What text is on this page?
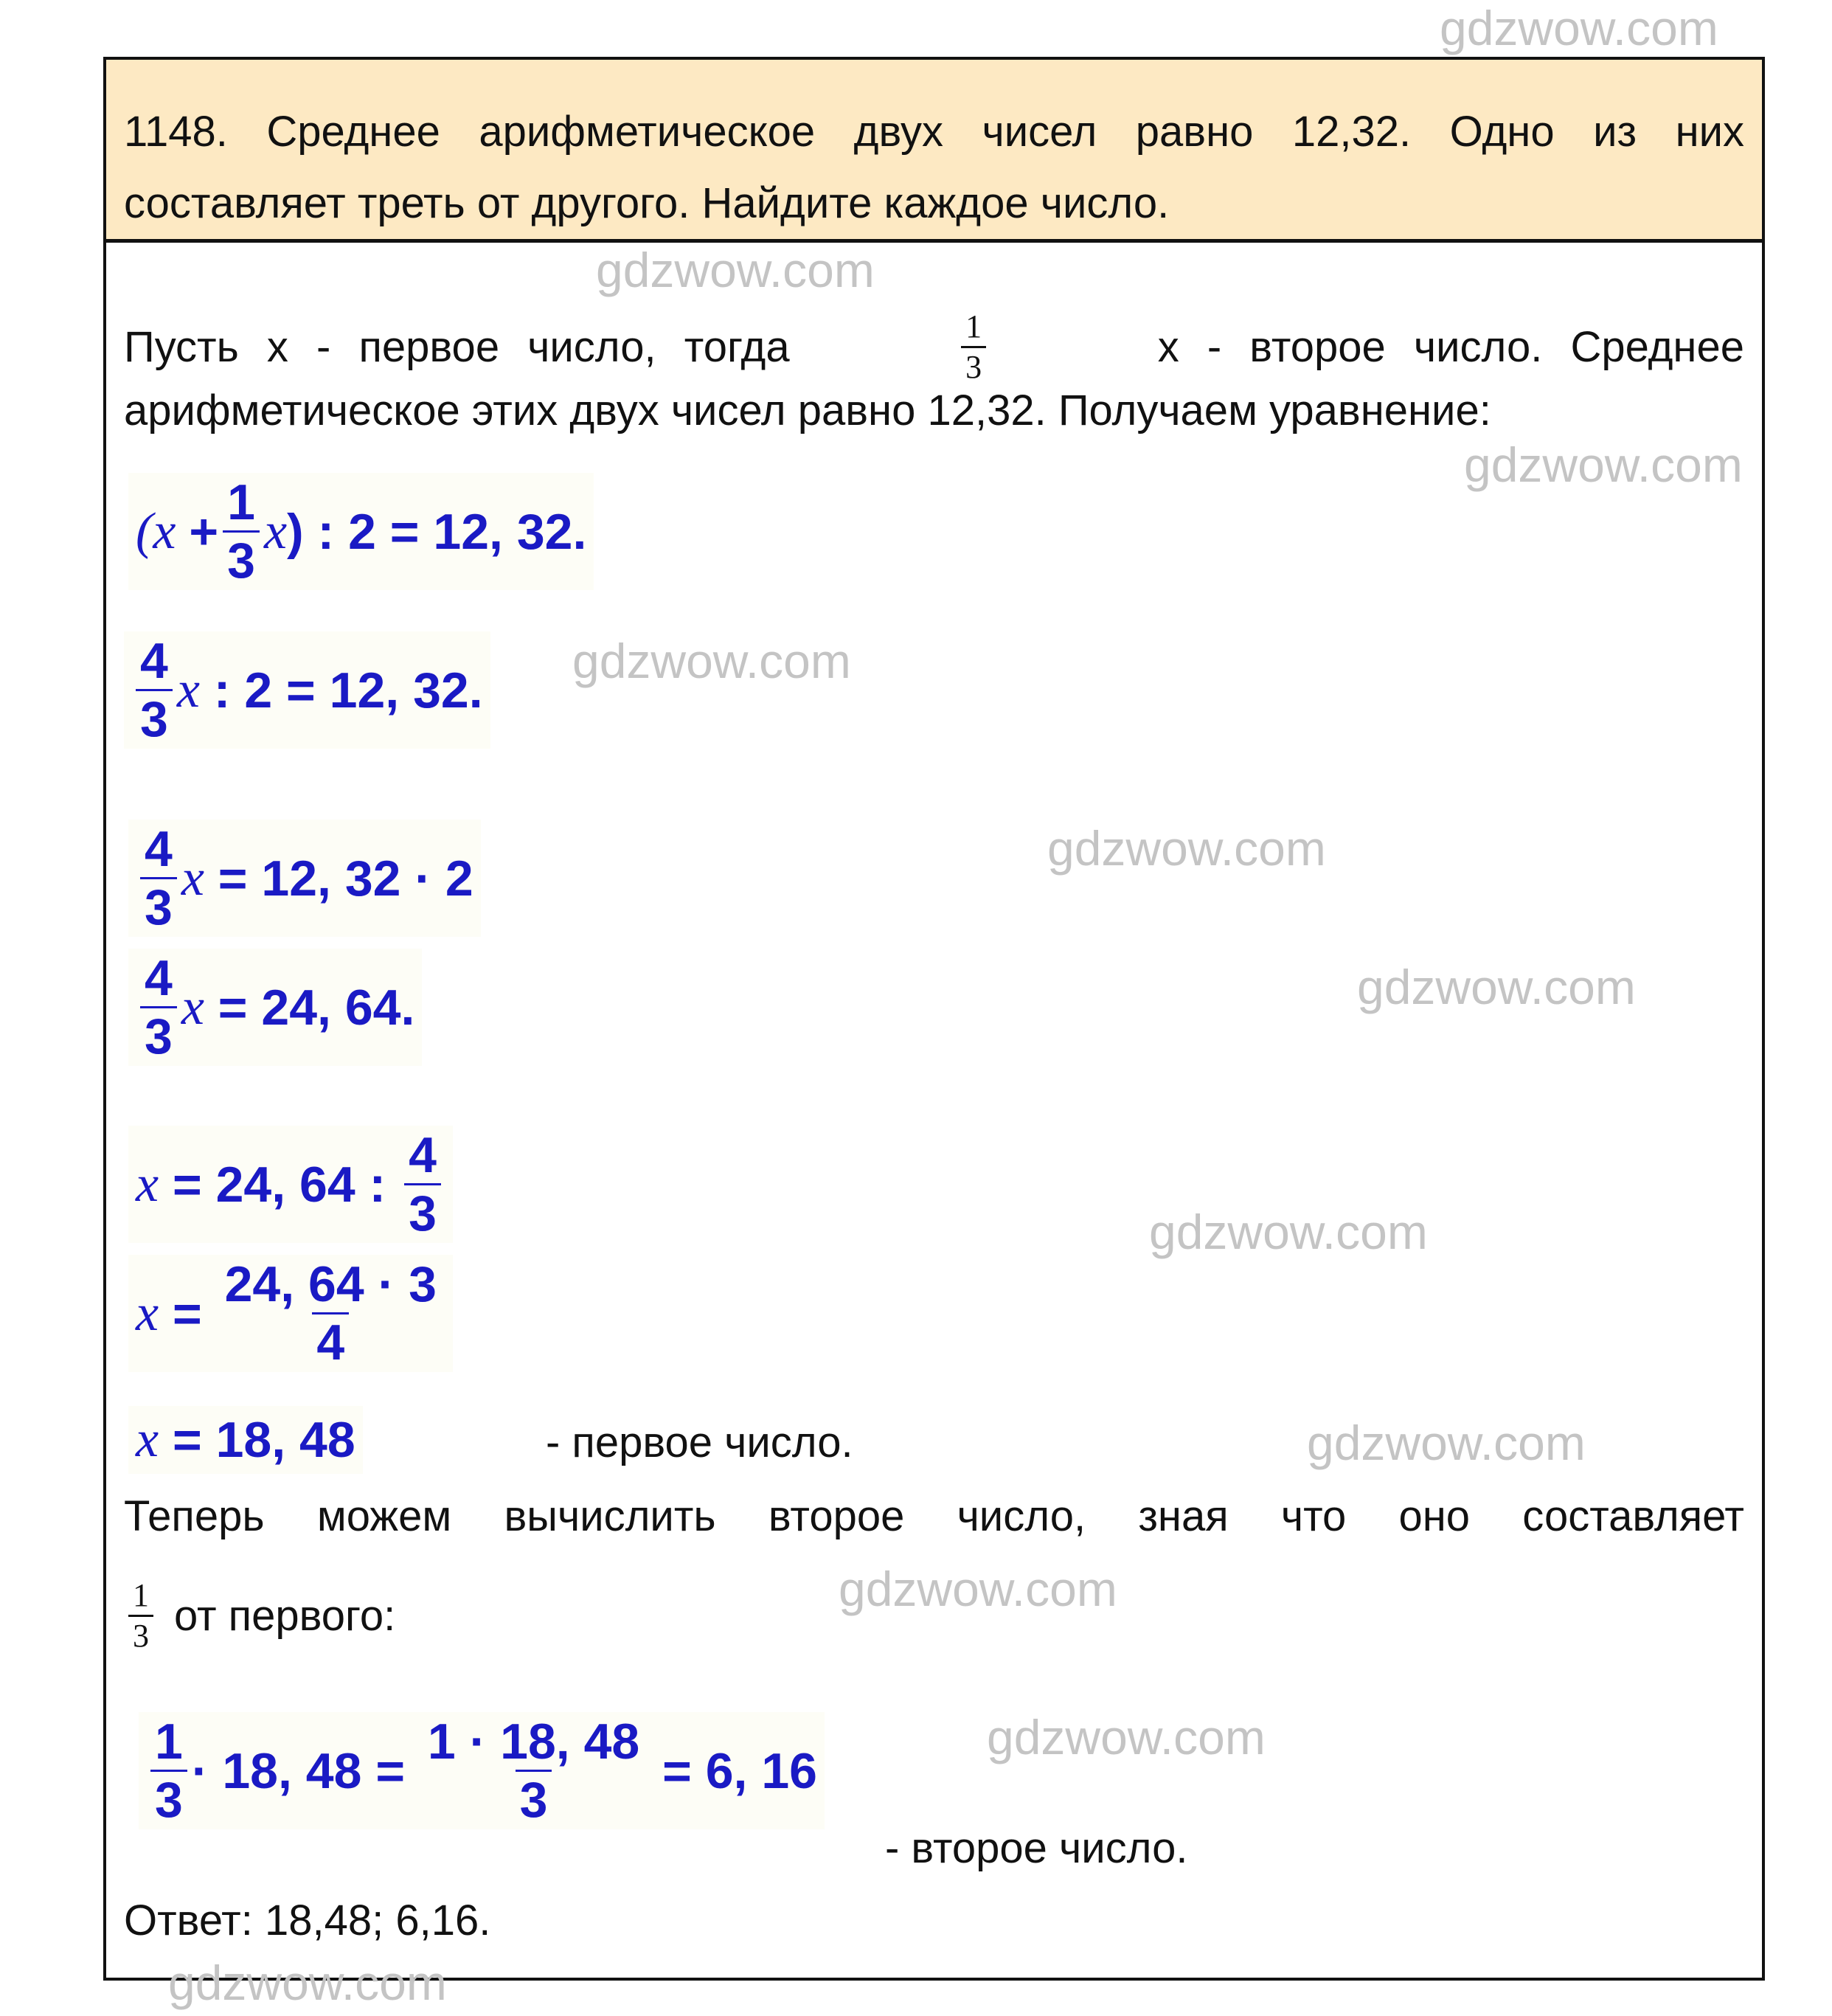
1148. Среднее арифметическое двух чисел равно 12,32. Одно из них
составляет треть от другого. Найдите каждое число.
Пусть х - первое число, тогда	$\frac{1}{3}$	х - второе число. Среднее
арифметическое этих двух чисел равно 12,32. Получаем уравнение:
( $x + \frac{1}{3}$ x ) : 2 = 12, 32.
$\frac{4}{3}$ x : 2 = 12, 32.
$\frac{4}{3}$ x = 12, 32 · 2
$\frac{4}{3}$ x = 24, 64.
x = 24, 64 : $\frac{4}{3}$
$x = \frac{24, 64 \cdot 3}{4}$
x = 18, 48	- первое число.
Теперь можем вычислить второе число, зная что оно составляет
$\frac{1}{3}$ от первого:
$\frac{1}{3} \cdot 18$, $48 = \frac{1 \cdot 18, 48}{3} = 6$, 16
- второе число.
Ответ: 18,48; 6,16.
gdzwow.com
gdzwow.com
gdzwow.com
gdzwow.com
gdzwow.com
gdzwow.com
gdzwow.com
gdzwow.com
gdzwow.com
gdzwow.com
gdzwow.com
